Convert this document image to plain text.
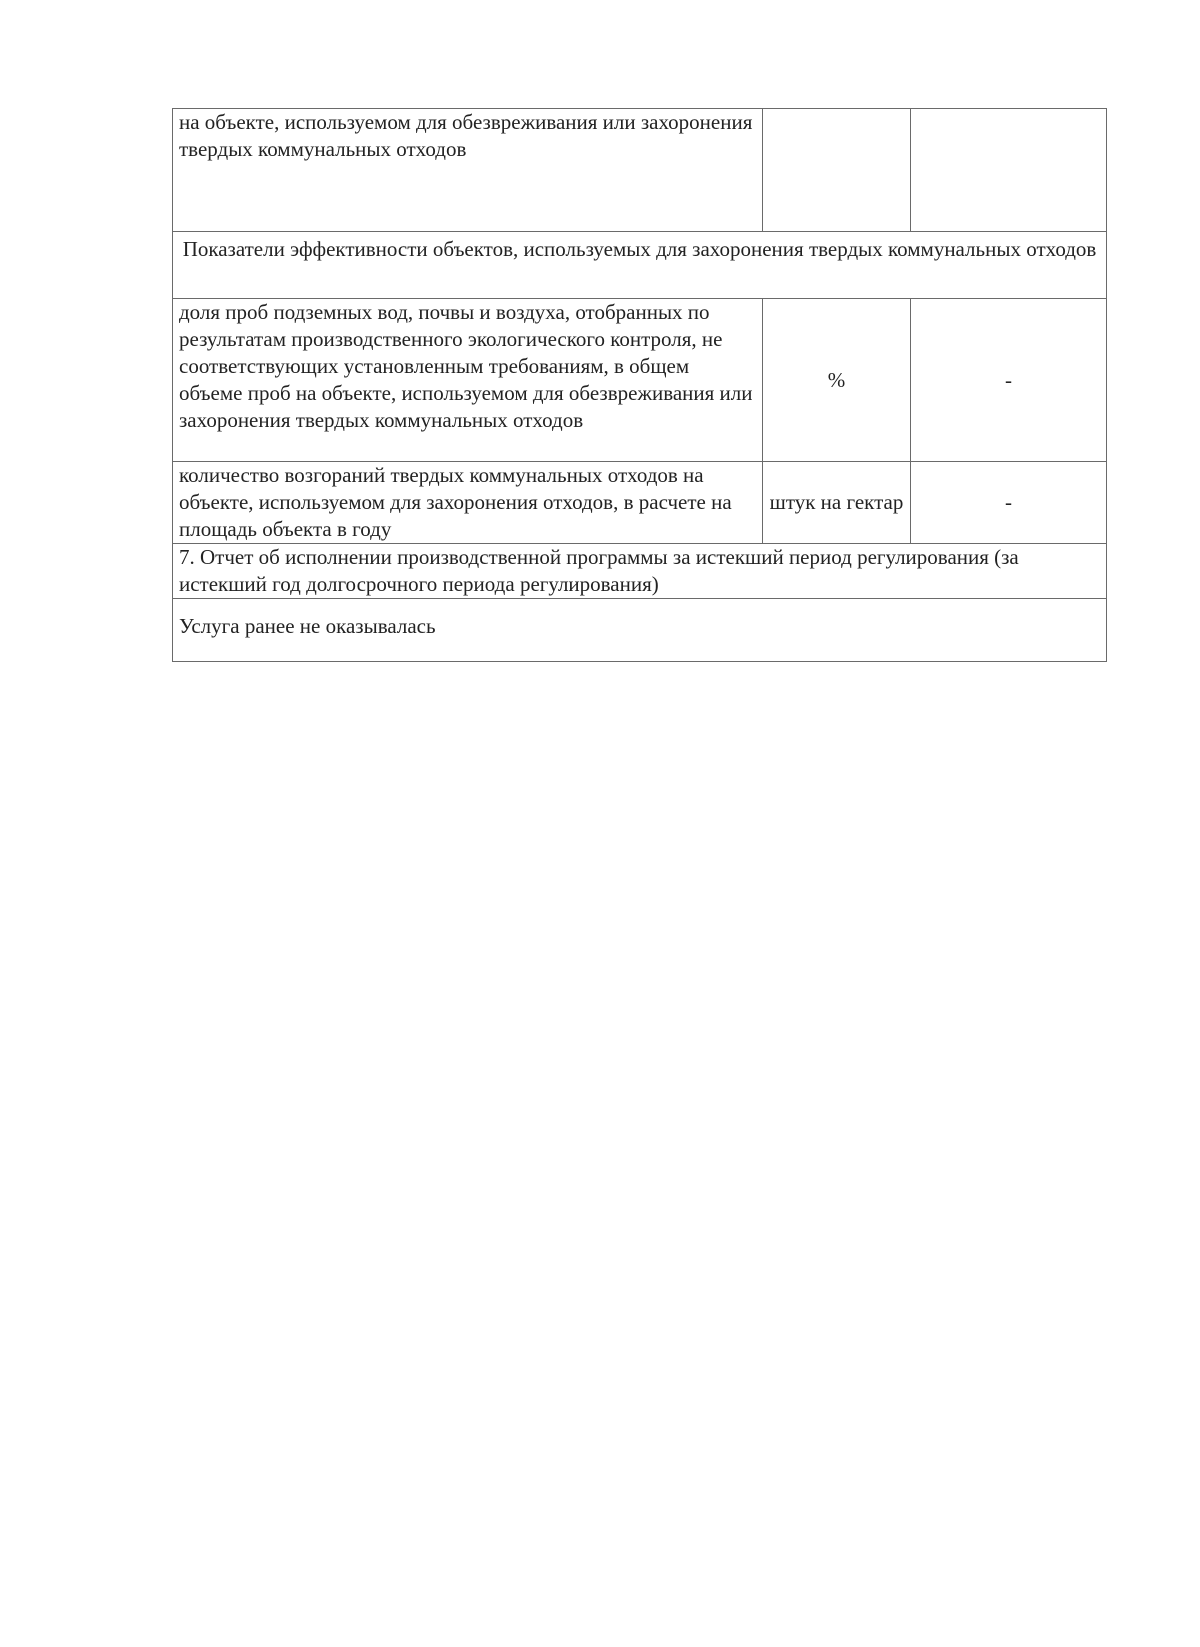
на объекте, используемом для обезвреживания или захоронения твердых коммунальных отходов		

Показатели эффективности объектов, используемых для захоронения твердых коммунальных отходов		

доля проб подземных вод, почвы и воздуха, отобранных по результатам производственного экологического контроля, не соответствующих установленным требованиям, в общем объеме проб на объекте, используемом для обезвреживания или захоронения твердых коммунальных отходов	%	-

количество возгораний твердых коммунальных отходов на объекте, используемом для захоронения отходов, в расчете на площадь объекта в году	штук на гектар	-

7. Отчет об исполнении производственной программы за истекший период регулирования (за истекший год долгосрочного периода регулирования)		

Услуга ранее не оказывалась		
